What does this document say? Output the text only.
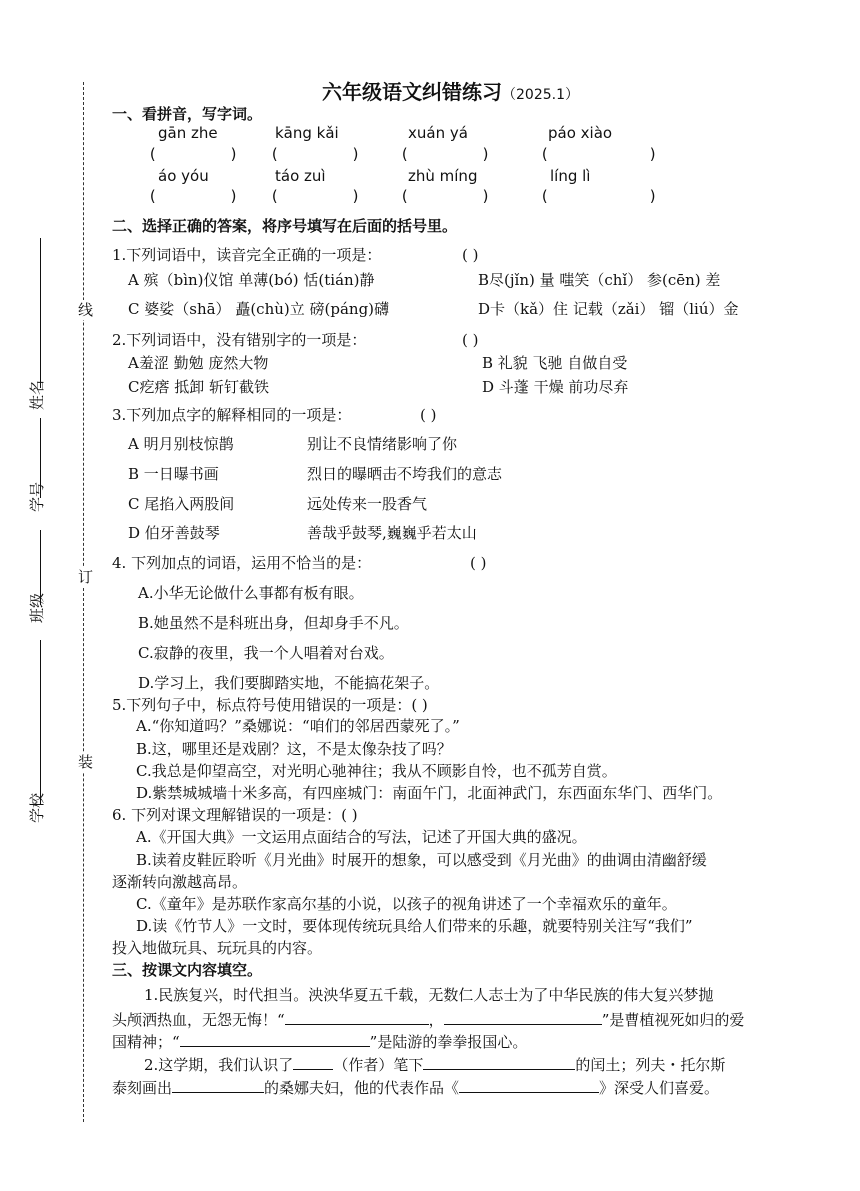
六年级语文纠错练习（2025.1）
线
订
装
姓名
学号
班级
学校
一、看拼音，写字词。
gān zhe	kāng kǎi	xuán yá	páo xiào
(        ) (        )	(        )	(           )
áo yóu	táo zuì	zhù míng	líng lì
(        ) (        )	(        )	(           )
二、选择正确的答案，将序号填写在后面的括号里。
1.下列词语中，读音完全正确的一项是：	( )
A 殡（bìn)仪馆 单薄(bó) 恬(tián)静	B尽(jǐn) 量 嗤笑（chǐ） 参(cēn) 差
C 婆娑（shā） 矗(chù)立 磅(páng)礴	D卡（kǎ）住 记载（zǎi） 镏（liú）金
2.下列词语中，没有错别字的一项是：	( )
A羞涩 勤勉 庞然大物	B 礼貌 飞驰 自做自受
C疙瘩 抵卸 斩钉截铁	D 斗蓬 干燥 前功尽弃
3.下列加点字的解释相同的一项是：	( )
A 明月别枝惊鹊	别让不良情绪影响了你
B 一日曝书画	烈日的曝晒击不垮我们的意志
C 尾掐入两股间	远处传来一股香气
D 伯牙善鼓琴	善哉乎鼓琴,巍巍乎若太山
4. 下列加点的词语，运用不恰当的是：	( )
A.小华无论做什么事都有板有眼。
B.她虽然不是科班出身，但却身手不凡。
C.寂静的夜里，我一个人唱着对台戏。
D.学习上，我们要脚踏实地，不能搞花架子。
5.下列句子中，标点符号使用错误的一项是：( )
A.“你知道吗？”桑娜说：“咱们的邻居西蒙死了。”
B.这，哪里还是戏剧？这，不是太像杂技了吗？
C.我总是仰望高空，对光明心驰神往；我从不顾影自怜，也不孤芳自赏。
D.紫禁城城墙十米多高，有四座城门：南面午门，北面神武门，东西面东华门、西华门。
6. 下列对课文理解错误的一项是：( )
A.《开国大典》一文运用点面结合的写法，记述了开国大典的盛况。
B.读着皮鞋匠聆听《月光曲》时展开的想象，可以感受到《月光曲》的曲调由清幽舒缓
逐渐转向激越高昂。
C.《童年》是苏联作家高尔基的小说，以孩子的视角讲述了一个幸福欢乐的童年。
D.读《竹节人》一文时，要体现传统玩具给人们带来的乐趣，就要特别关注写“我们”
投入地做玩具、玩玩具的内容。
三、按课文内容填空。
1.民族复兴，时代担当。泱泱华夏五千载，无数仁人志士为了中华民族的伟大复兴梦抛
头颅洒热血，无怨无悔！“	，	”是曹植视死如归的爱
国精神；“	”是陆游的拳拳报国心。
2.这学期，我们认识了	（作者）笔下	的闰土；列夫・托尔斯
泰刻画出	的桑娜夫妇，他的代表作品《	》深受人们喜爱。
